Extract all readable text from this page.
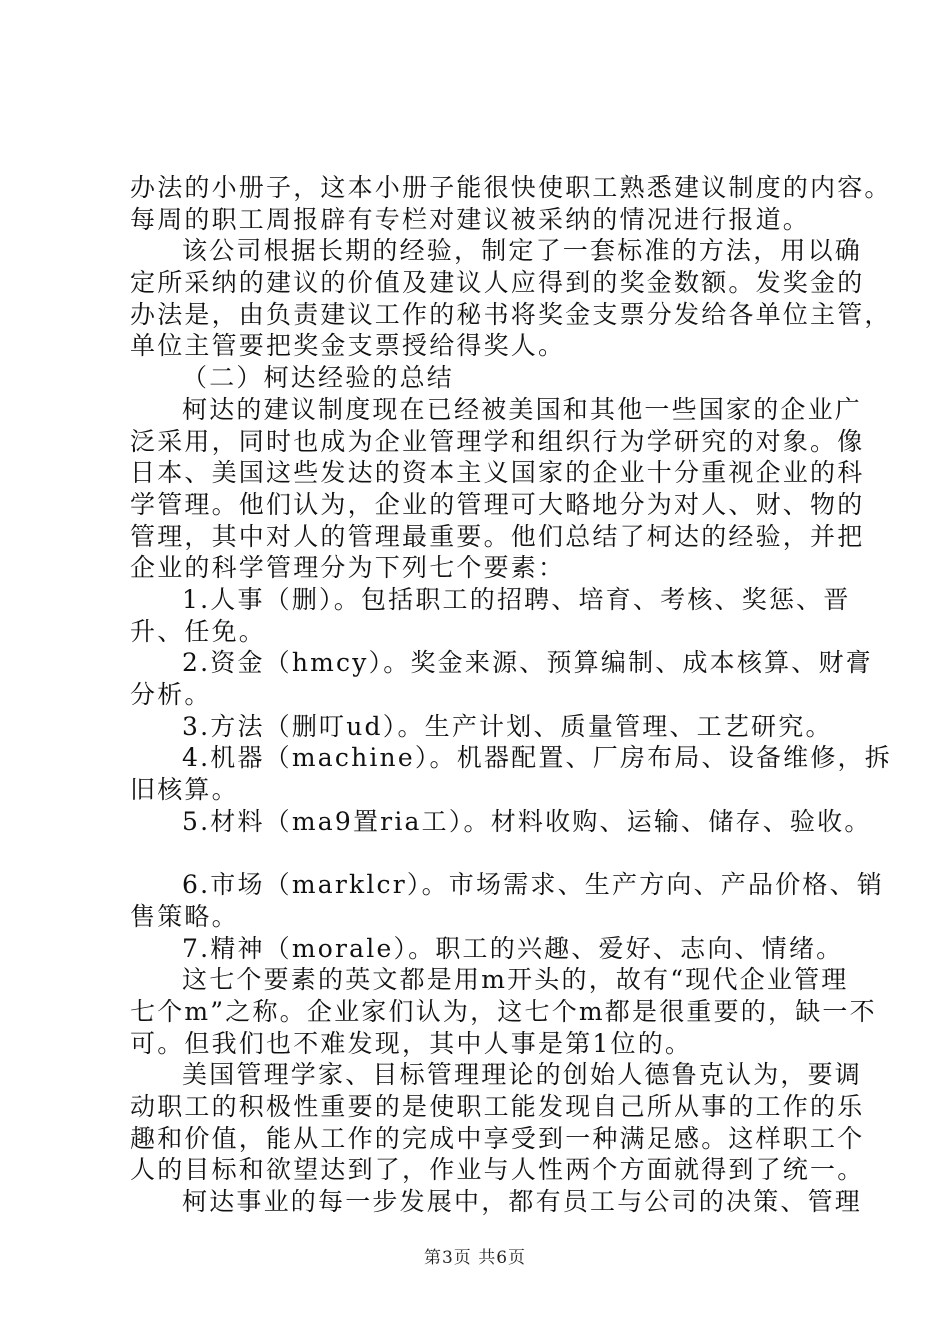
办法的小册子，这本小册子能很快使职工熟悉建议制度的内容。
每周的职工周报辟有专栏对建议被采纳的情况进行报道。
该公司根据长期的经验，制定了一套标准的方法，用以确
定所采纳的建议的价值及建议人应得到的奖金数额。发奖金的
办法是，由负责建议工作的秘书将奖金支票分发给各单位主管，
单位主管要把奖金支票授给得奖人。
（二）柯达经验的总结
柯达的建议制度现在已经被美国和其他一些国家的企业广
泛采用，同时也成为企业管理学和组织行为学研究的对象。像
日本、美国这些发达的资本主义国家的企业十分重视企业的科
学管理。他们认为，企业的管理可大略地分为对人、财、物的
管理，其中对人的管理最重要。他们总结了柯达的经验，并把
企业的科学管理分为下列七个要素：
1.人事（删）。包括职工的招聘、培育、考核、奖惩、晋
升、任免。
2.资金（hmcy）。奖金来源、预算编制、成本核算、财膏
分析。
3.方法（删叮ud）。生产计划、质量管理、工艺研究。
4.机器（machine）。机器配置、厂房布局、设备维修，拆
旧核算。
5.材料（ma9置ria工）。材料收购、运输、储存、验收。
6.市场（marklcr）。市场需求、生产方向、产品价格、销
售策略。
7.精神（morale）。职工的兴趣、爱好、志向、情绪。
这七个要素的英文都是用m开头的，故有“现代企业管理
七个m”之称。企业家们认为，这七个m都是很重要的，缺一不
可。但我们也不难发现，其中人事是第1位的。
美国管理学家、目标管理理论的创始人德鲁克认为，要调
动职工的积极性重要的是使职工能发现自己所从事的工作的乐
趣和价值，能从工作的完成中享受到一种满足感。这样职工个
人的目标和欲望达到了，作业与人性两个方面就得到了统一。
柯达事业的每一步发展中，都有员工与公司的决策、管理
第3页 共6页
